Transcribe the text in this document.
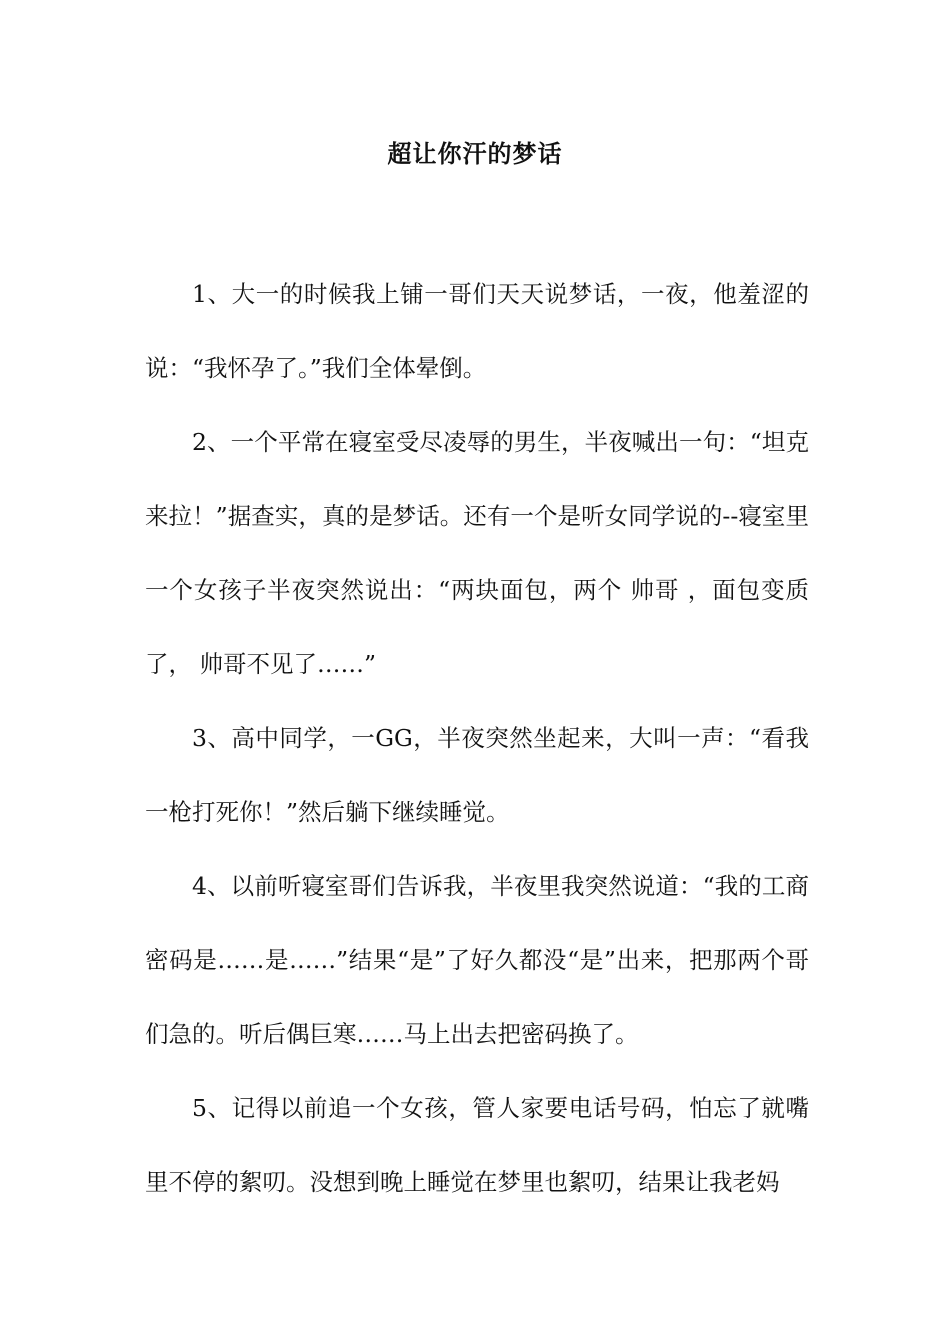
超让你汗的梦话

1、大一的时候我上铺一哥们天天说梦话，一夜，他羞涩的说：“我怀孕了。”我们全体晕倒。

2、一个平常在寝室受尽凌辱的男生，半夜喊出一句：“坦克来拉！”据查实，真的是梦话。还有一个是听女同学说的--寝室里一个女孩子半夜突然说出：“两块面包，两个 帅哥 ，面包变质了， 帅哥不见了……”

3、高中同学，一GG，半夜突然坐起来，大叫一声：“看我一枪打死你！”然后躺下继续睡觉。

4、以前听寝室哥们告诉我，半夜里我突然说道：“我的工商密码是……是……”结果“是”了好久都没“是”出来，把那两个哥们急的。听后偶巨寒……马上出去把密码换了。

5、记得以前追一个女孩，管人家要电话号码，怕忘了就嘴里不停的絮叨。没想到晚上睡觉在梦里也絮叨，结果让我老妈
